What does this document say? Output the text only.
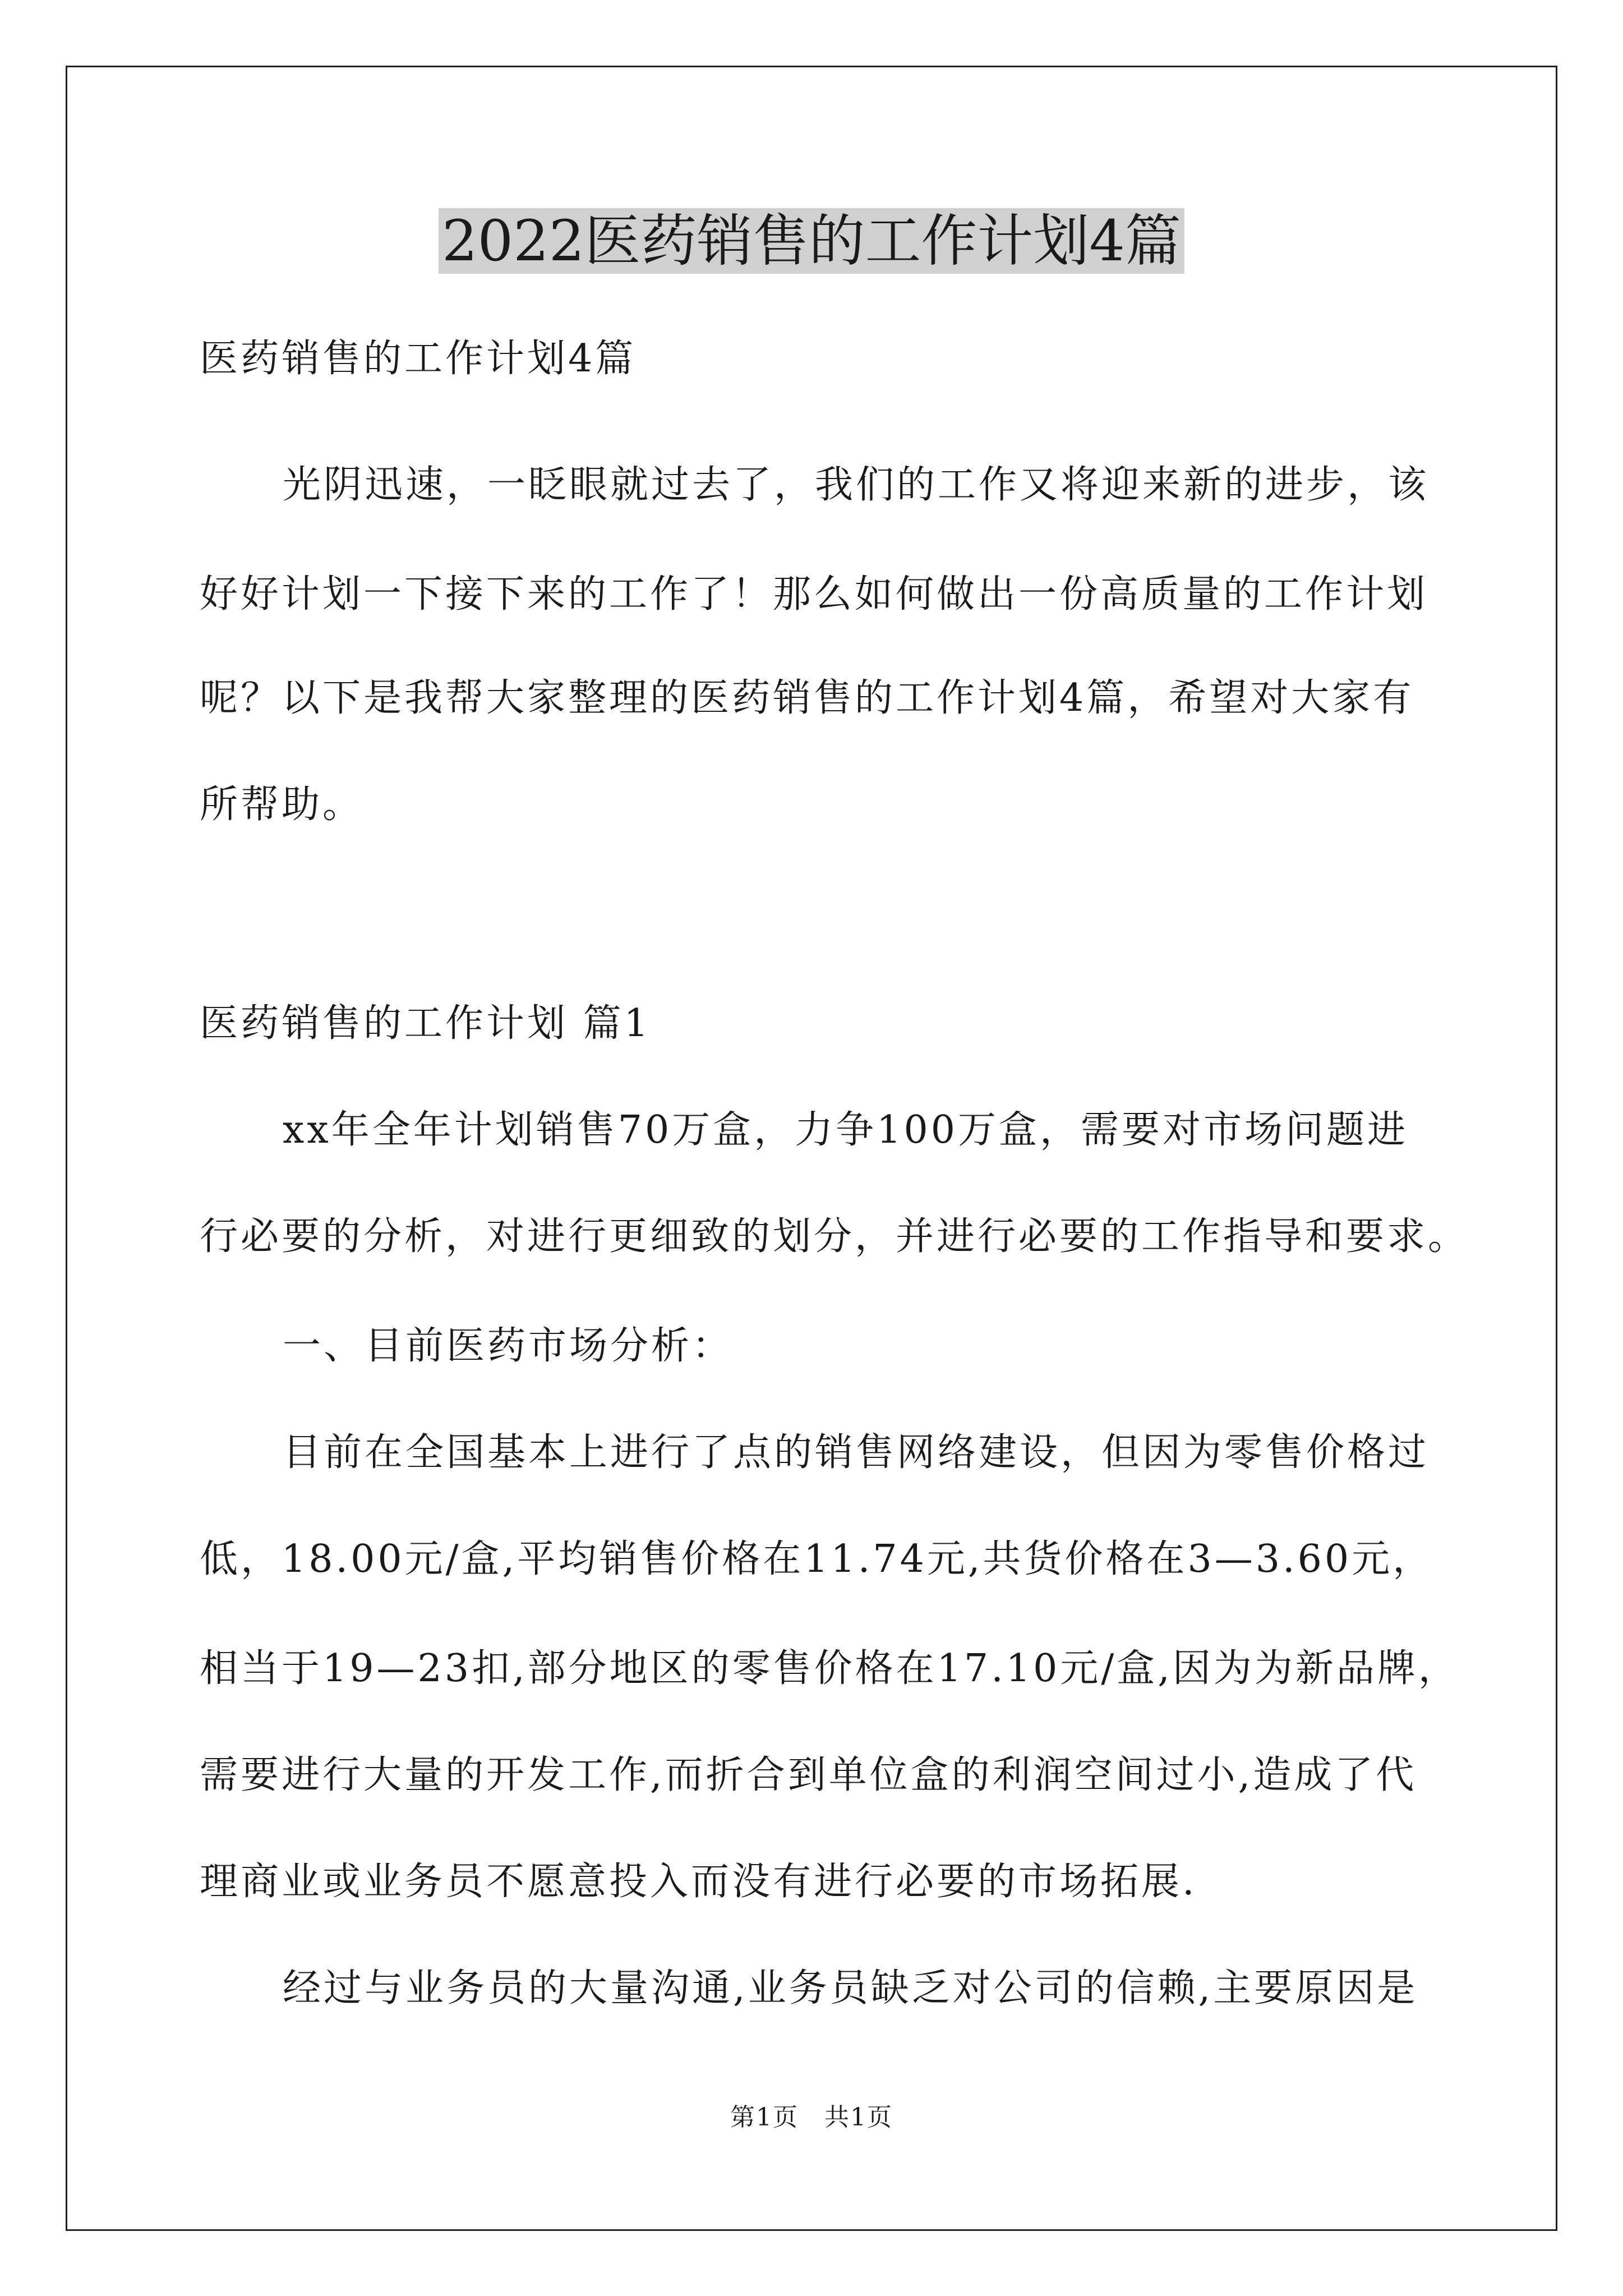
2022医药销售的工作计划4篇
医药销售的工作计划4篇
光阴迅速，一眨眼就过去了，我们的工作又将迎来新的进步，该
好好计划一下接下来的工作了！那么如何做出一份高质量的工作计划
呢？以下是我帮大家整理的医药销售的工作计划4篇，希望对大家有
所帮助。
医药销售的工作计划 篇1
xx年全年计划销售70万盒，力争100万盒，需要对市场问题进
行必要的分析，对进行更细致的划分，并进行必要的工作指导和要求。
一、目前医药市场分析：
目前在全国基本上进行了点的销售网络建设，但因为零售价格过
低，18.00元/盒,平均销售价格在11.74元,共货价格在3—3.60元，
相当于19—23扣,部分地区的零售价格在17.10元/盒,因为为新品牌，
需要进行大量的开发工作,而折合到单位盒的利润空间过小,造成了代
理商业或业务员不愿意投入而没有进行必要的市场拓展.
经过与业务员的大量沟通,业务员缺乏对公司的信赖,主要原因是
第1页　共1页
